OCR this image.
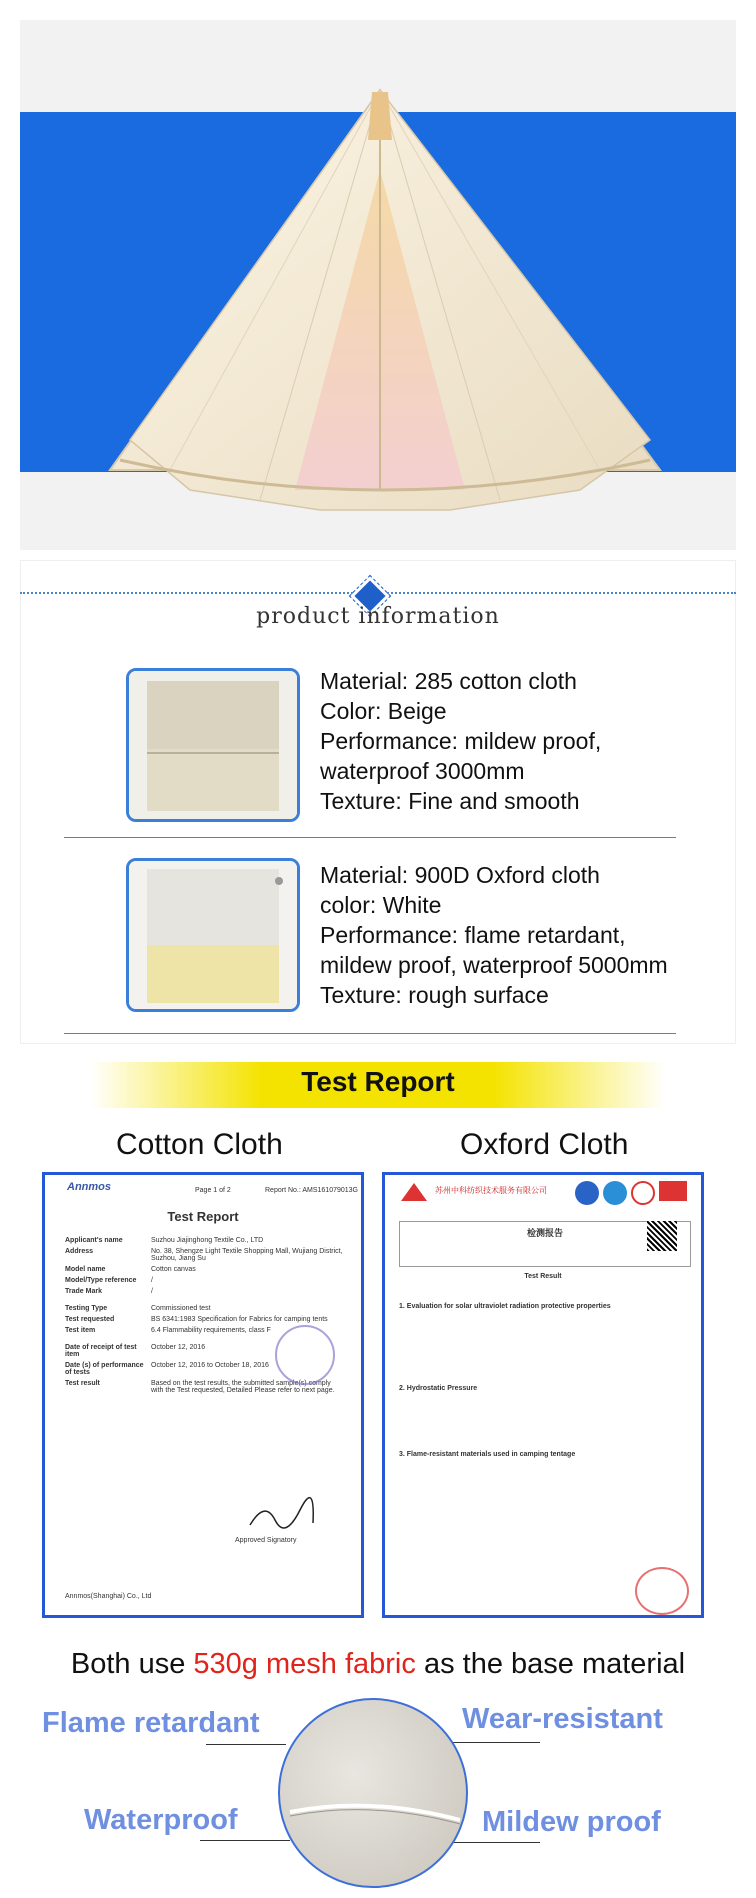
product information
Material: 285 cotton cloth
Color: Beige
Performance: mildew proof,
waterproof 3000mm
Texture: Fine and smooth
Material: 900D Oxford cloth
color: White
Performance: flame retardant,
mildew proof, waterproof 5000mm
Texture: rough surface
Test Report
Cotton Cloth	Oxford Cloth
Annmos	Page 1 of 2	Report No.: AMS161079013G
Test Report
Applicant's name	Suzhou Jiajinghong Textile Co., LTD
Address	No. 38, Shengze Light Textile Shopping Mall, Wujiang District, Suzhou, Jiang Su
Model name	Cotton canvas
Model/Type reference	/
Trade Mark	/
Testing Type	Commissioned test
Test requested	BS 6341:1983 Specification for Fabrics for camping tents
Test item	6.4 Flammability requirements, class F
Date of receipt of test item
October 12, 2016
Date (s) of performance of tests
October 12, 2016 to October 18, 2016
Test result	Based on the test results, the submitted sample(s) comply with the Test requested, Detailed Please refer to next page.
Approved Signatory
Annmos(Shanghai) Co., Ltd
苏州中科纺织技术服务有限公司
检测报告
Test Result
1. Evaluation for solar ultraviolet radiation protective properties
2. Hydrostatic Pressure
3. Flame-resistant materials used in camping tentage
Both use 530g mesh fabric as the base material
Flame retardant	Wear-resistant
Waterproof	Mildew proof
